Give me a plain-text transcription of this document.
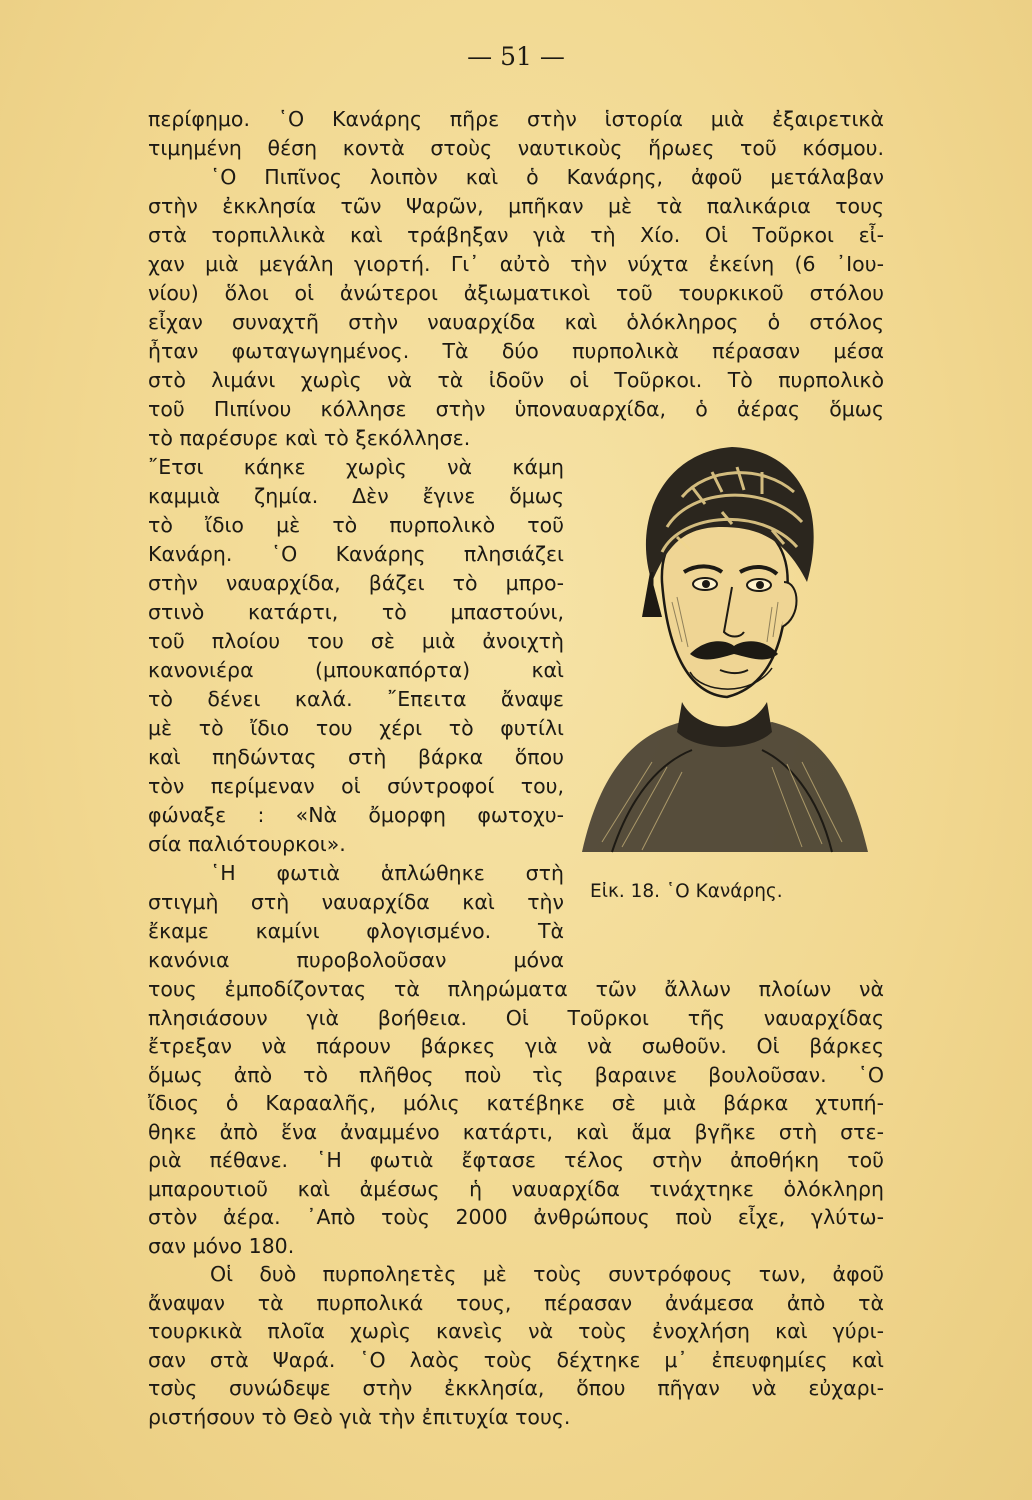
— 51 —
περίφημο. ῾Ο Κανάρης πῆρε στὴν ἱστορία μιὰ ἐξαιρετικὰ
τιμημένη θέση κοντὰ στοὺς ναυτικοὺς ἥρωες τοῦ κόσμου.
῾Ο Πιπῖνος λοιπὸν καὶ ὁ Κανάρης, ἀφοῦ μετάλαβαν
στὴν ἐκκλησία τῶν Ψαρῶν, μπῆκαν μὲ τὰ παλικάρια τους
στὰ τορπιλλικὰ καὶ τράβηξαν γιὰ τὴ Χίο. Οἱ Τοῦρκοι εἶ-
χαν μιὰ μεγάλη γιορτή. Γι᾽ αὐτὸ τὴν νύχτα ἐκείνη (6 ᾽Ιου-
νίου) ὅλοι οἱ ἀνώτεροι ἀξιωματικοὶ τοῦ τουρκικοῦ στόλου
εἶχαν συναχτῆ στὴν ναυαρχίδα καὶ ὁλόκληρος ὁ στόλος
ἦταν φωταγωγημένος. Τὰ δύο πυρπολικὰ πέρασαν μέσα
στὸ λιμάνι χωρὶς νὰ τὰ ἰδοῦν οἱ Τοῦρκοι. Τὸ πυρπολικὸ
τοῦ Πιπίνου κόλλησε στὴν ὑποναυαρχίδα, ὁ ἀέρας ὅμως
τὸ παρέσυρε καὶ τὸ ξεκόλλησε.
῎Ετσι κάηκε χωρὶς νὰ κάμη
καμμιὰ ζημία. Δὲν ἔγινε ὅμως
τὸ ἴδιο μὲ τὸ πυρπολικὸ τοῦ
Κανάρη. ῾Ο Κανάρης πλησιάζει
στὴν ναυαρχίδα, βάζει τὸ μπρο-
στινὸ κατάρτι, τὸ μπαστούνι,
τοῦ πλοίου του σὲ μιὰ ἀνοιχτὴ
κανονιέρα (μπουκαπόρτα) καὶ
τὸ δένει καλά. ῎Επειτα ἄναψε
μὲ τὸ ἴδιο του χέρι τὸ φυτίλι
καὶ πηδώντας στὴ βάρκα ὅπου
τὸν περίμεναν οἱ σύντροφοί του,
φώναξε : «Νὰ ὄμορφη φωτοχυ-
σία παλιότουρκοι».
῾Η φωτιὰ ἁπλώθηκε στὴ
στιγμὴ στὴ ναυαρχίδα καὶ τὴν
ἔκαμε καμίνι φλογισμένο. Τὰ
κανόνια πυροβολοῦσαν μόνα
τους ἐμποδίζοντας τὰ πληρώματα τῶν ἄλλων πλοίων νὰ
πλησιάσουν γιὰ βοήθεια. Οἱ Τοῦρκοι τῆς ναυαρχίδας
ἔτρεξαν νὰ πάρουν βάρκες γιὰ νὰ σωθοῦν. Οἱ βάρκες
ὅμως ἀπὸ τὸ πλῆθος ποὺ τὶς βαραινε βουλοῦσαν. ῾Ο
ἴδιος ὁ Καρααλῆς, μόλις κατέβηκε σὲ μιὰ βάρκα χτυπή-
θηκε ἀπὸ ἕνα ἀναμμένο κατάρτι, καὶ ἅμα βγῆκε στὴ στε-
ριὰ πέθανε. ῾Η φωτιὰ ἔφτασε τέλος στὴν ἀποθήκη τοῦ
μπαρουτιοῦ καὶ ἀμέσως ἡ ναυαρχίδα τινάχτηκε ὁλόκληρη
στὸν ἀέρα. ᾽Απὸ τοὺς 2000 ἀνθρώπους ποὺ εἶχε, γλύτω-
σαν μόνο 180.
Οἱ δυὸ πυρποληετὲς μὲ τοὺς συντρόφους των, ἀφοῦ
ἄναψαν τὰ πυρπολικά τους, πέρασαν ἀνάμεσα ἀπὸ τὰ
τουρκικὰ πλοῖα χωρὶς κανεὶς νὰ τοὺς ἐνοχλήση καὶ γύρι-
σαν στὰ Ψαρά. ῾Ο λαὸς τοὺς δέχτηκε μ᾽ ἐπευφημίες καὶ
τσὺς συνώδεψε στὴν ἐκκλησία, ὅπου πῆγαν νὰ εὐχαρι-
ριστήσουν τὸ Θεὸ γιὰ τὴν ἐπιτυχία τους.
Εἰκ. 18. ῾Ο Κανάρης.
